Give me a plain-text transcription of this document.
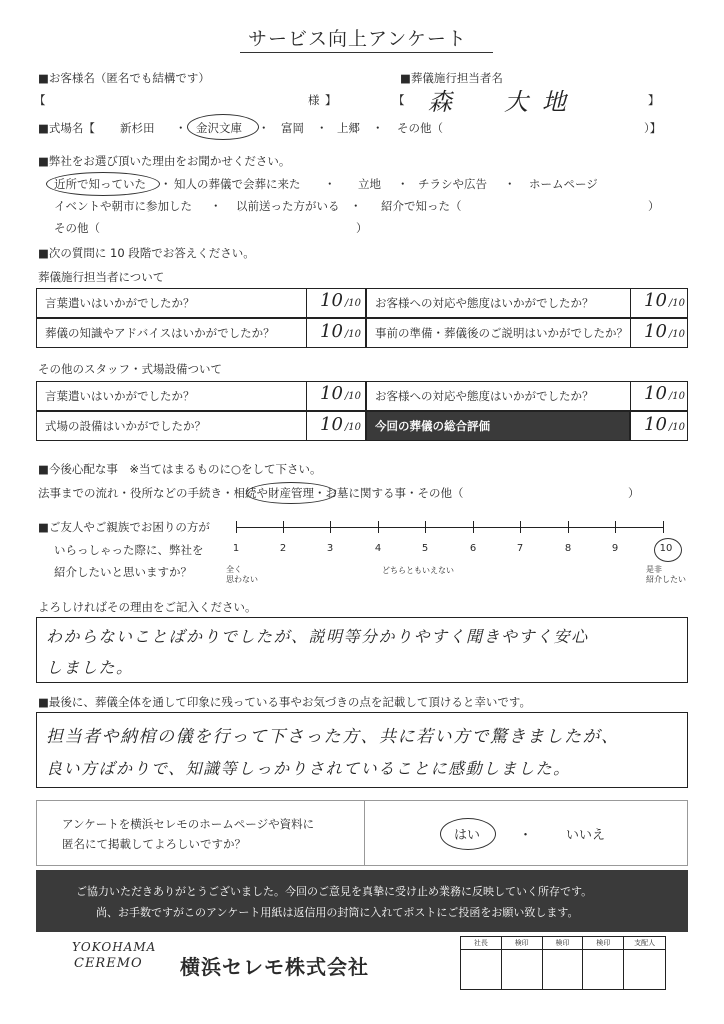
サービス向上アンケート
■お客様名（匿名でも結構です）
【	様 】
■葬儀施行担当者名
【 森　大地	】
■式場名【 新杉田 ・ 金沢文庫 ・ 富岡 ・ 上郷 ・ その他（	）】
■弊社をお選び頂いた理由をお聞かせください。
近所で知っていた ・ 知人の葬儀で会葬に来た ・ 立地 ・ チラシや広告 ・ ホームページ
イベントや朝市に参加した ・ 以前送った方がいる ・ 紹介で知った（	）
その他（	）
■次の質問に 10 段階でお答えください。
葬儀施行担当者について
言葉遣いはいかがでしたか？	10 /10 お客様への対応や態度はいかがでしたか？	10 /10
葬儀の知識やアドバイスはいかがでしたか？	10 /10 事前の準備・葬儀後のご説明はいかがでしたか？ 10 /10
その他のスタッフ・式場設備ついて
言葉遣いはいかがでしたか？	10 /10 お客様への対応や態度はいかがでしたか？	10 /10
式場の設備はいかがでしたか？	10 /10 今回の葬儀の総合評価	10 /10
■今後心配な事　※当てはまるものに○をして下さい。
法事までの流れ・役所などの手続き・相続や財産管理・お墓に関する事・その他（	）
■ご友人やご親族でお困りの方が
いらっしゃった際に、弊社を
紹介したいと思いますか？
1	2	3	4	5	6	7	8	9	10
全く
思わない
どちらともいえない	是非
紹介したい
よろしければその理由をご記入ください。
わからないことばかりでしたが、説明等分かりやすく聞きやすく安心
しました。
■最後に、葬儀全体を通して印象に残っている事やお気づきの点を記載して頂けると幸いです。
担当者や納棺の儀を行って下さった方、共に若い方で驚きましたが、
良い方ばかりで、知識等しっかりされていることに感動しました。
アンケートを横浜セレモのホームページや資料に
匿名にて掲載してよろしいですか？
はい	・	いいえ
ご協力いただきありがとうございました。今回のご意見を真摯に受け止め業務に反映していく所存です。
尚、お手数ですがこのアンケート用紙は返信用の封筒に入れてポストにご投函をお願い致します。
YOKOHAMA
CEREMO 横浜セレモ株式会社
社長	検印	検印	検印	支配人
